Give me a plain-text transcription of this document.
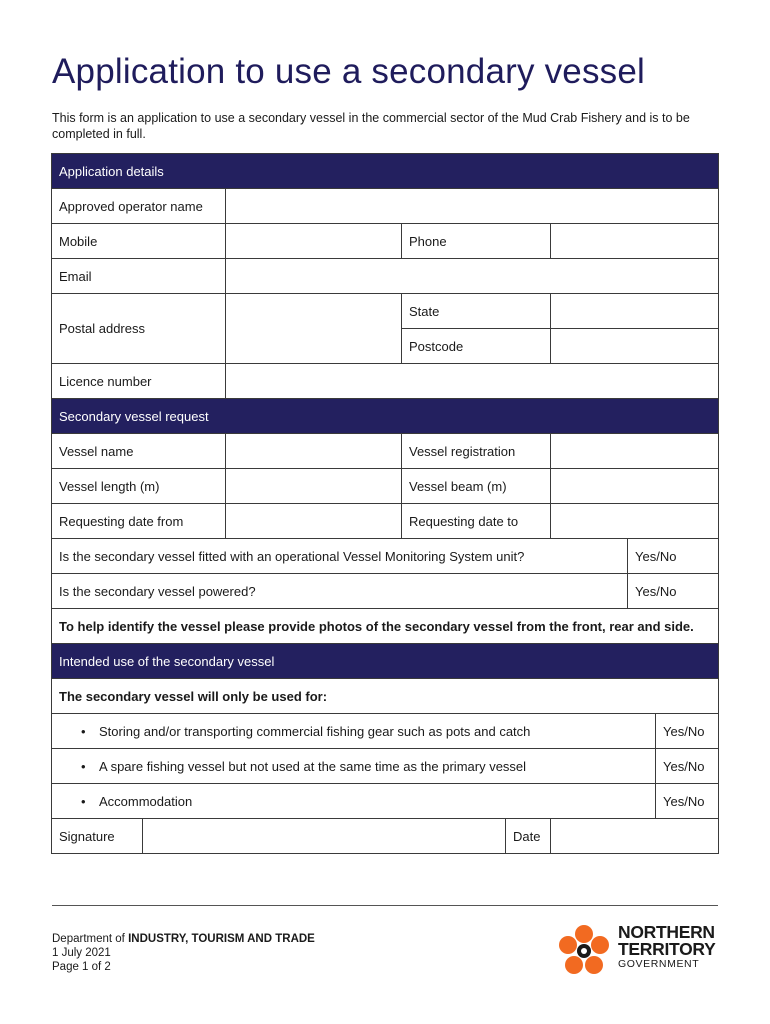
Application to use a secondary vessel
This form is an application to use a secondary vessel in the commercial sector of the Mud Crab Fishery and is to be completed in full.
Application details							
Approved operator name							
Mobile			Phone				
Email							
Postal address			State				
			Postcode				
Licence number							
Secondary vessel request							
Vessel name			Vessel registration				
Vessel length (m)			Vessel beam (m)				
Requesting date from			Requesting date to				
Is the secondary vessel fitted with an operational Vessel Monitoring System unit?						Yes/No	
Is the secondary vessel powered?						Yes/No	
To help identify the vessel please provide photos of the secondary vessel from the front, rear and side.							
Intended use of the secondary vessel							
The secondary vessel will only be used for:							
• Storing and/or transporting commercial fishing gear such as pots and catch							Yes/No
• A spare fishing vessel but not used at the same time as the primary vessel							Yes/No
• Accommodation							Yes/No
Signature				Date			
Department of INDUSTRY, TOURISM AND TRADE
1 July 2021
Page 1 of 2
NORTHERN
TERRITORY
GOVERNMENT
